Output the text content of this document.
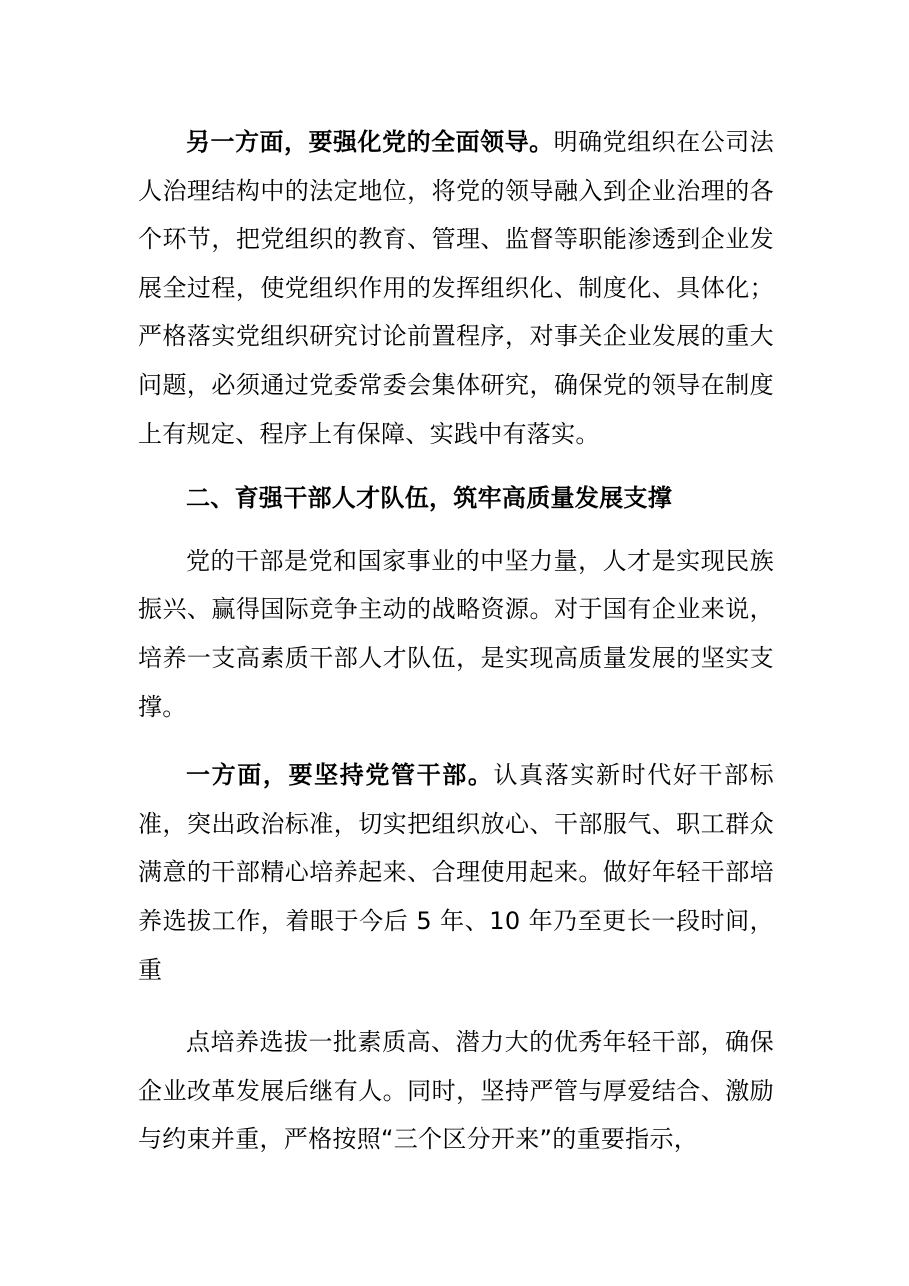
另一方面，要强化党的全面领导。明确党组织在公司法人治理结构中的法定地位，将党的领导融入到企业治理的各个环节，把党组织的教育、管理、监督等职能渗透到企业发展全过程，使党组织作用的发挥组织化、制度化、具体化；严格落实党组织研究讨论前置程序，对事关企业发展的重大问题，必须通过党委常委会集体研究，确保党的领导在制度上有规定、程序上有保障、实践中有落实。

二、育强干部人才队伍，筑牢高质量发展支撑

党的干部是党和国家事业的中坚力量，人才是实现民族振兴、赢得国际竞争主动的战略资源。对于国有企业来说，培养一支高素质干部人才队伍，是实现高质量发展的坚实支撑。

一方面，要坚持党管干部。认真落实新时代好干部标准，突出政治标准，切实把组织放心、干部服气、职工群众满意的干部精心培养起来、合理使用起来。做好年轻干部培养选拔工作，着眼于今后 5 年、10 年乃至更长一段时间，重

点培养选拔一批素质高、潜力大的优秀年轻干部，确保企业改革发展后继有人。同时，坚持严管与厚爱结合、激励与约束并重，严格按照“三个区分开来”的重要指示，
